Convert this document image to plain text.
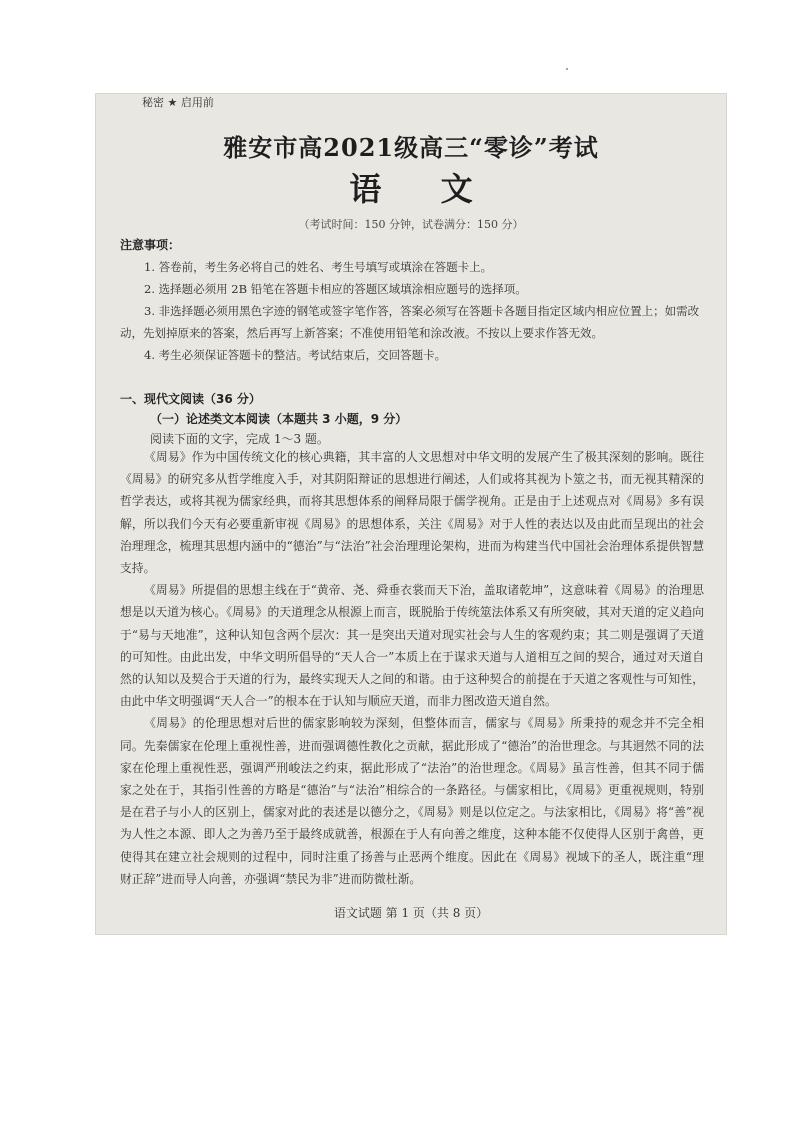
秘密 ★ 启用前
雅安市高2021级高三“零诊”考试
语 文
（考试时间：150 分钟，试卷满分：150 分）
注意事项：

1. 答卷前，考生务必将自己的姓名、考生号填写或填涂在答题卡上。

2. 选择题必须用 2B 铅笔在答题卡相应的答题区域填涂相应题号的选择项。

3. 非选择题必须用黑色字迹的钢笔或签字笔作答，答案必须写在答题卡各题目指定区域内相应位置上；如需改动，先划掉原来的答案，然后再写上新答案；不准使用铅笔和涂改液。不按以上要求作答无效。

4. 考生必须保证答题卡的整洁。考试结束后，交回答题卡。

一、现代文阅读（36 分）
（一）论述类文本阅读（本题共 3 小题，9 分）
阅读下面的文字，完成 1～3 题。

《周易》作为中国传统文化的核心典籍，其丰富的人文思想对中华文明的发展产生了极其深刻的影响。既往《周易》的研究多从哲学维度入手，对其阴阳辩证的思想进行阐述，人们或将其视为卜筮之书，而无视其精深的哲学表达，或将其视为儒家经典，而将其思想体系的阐释局限于儒学视角。正是由于上述观点对《周易》多有误解，所以我们今天有必要重新审视《周易》的思想体系，关注《周易》对于人性的表达以及由此而呈现出的社会治理理念，梳理其思想内涵中的“德治”与“法治”社会治理理论架构，进而为构建当代中国社会治理体系提供智慧支持。

《周易》所提倡的思想主线在于“黄帝、尧、舜垂衣裳而天下治，盖取诸乾坤”，这意味着《周易》的治理思想是以天道为核心。《周易》的天道理念从根源上而言，既脱胎于传统筮法体系又有所突破，其对天道的定义趋向于“易与天地准”，这种认知包含两个层次：其一是突出天道对现实社会与人生的客观约束；其二则是强调了天道的可知性。由此出发，中华文明所倡导的“天人合一”本质上在于谋求天道与人道相互之间的契合，通过对天道自然的认知以及契合于天道的行为，最终实现天人之间的和谐。由于这种契合的前提在于天道之客观性与可知性，由此中华文明强调“天人合一”的根本在于认知与顺应天道，而非力图改造天道自然。

《周易》的伦理思想对后世的儒家影响较为深刻，但整体而言，儒家与《周易》所秉持的观念并不完全相同。先秦儒家在伦理上重视性善，进而强调德性教化之贡献，据此形成了“德治”的治世理念。与其迥然不同的法家在伦理上重视性恶，强调严刑峻法之约束，据此形成了“法治”的治世理念。《周易》虽言性善，但其不同于儒家之处在于，其指引性善的方略是“德治”与“法治”相综合的一条路径。与儒家相比，《周易》更重视规则，特别是在君子与小人的区别上，儒家对此的表述是以德分之，《周易》则是以位定之。与法家相比，《周易》将“善”视为人性之本源、即人之为善乃至于最终成就善，根源在于人有向善之维度，这种本能不仅使得人区别于禽兽，更使得其在建立社会规则的过程中，同时注重了扬善与止恶两个维度。因此在《周易》视域下的圣人，既注重“理财正辞”进而导人向善，亦强调“禁民为非”进而防微杜渐。

语文试题 第 1 页（共 8 页）
